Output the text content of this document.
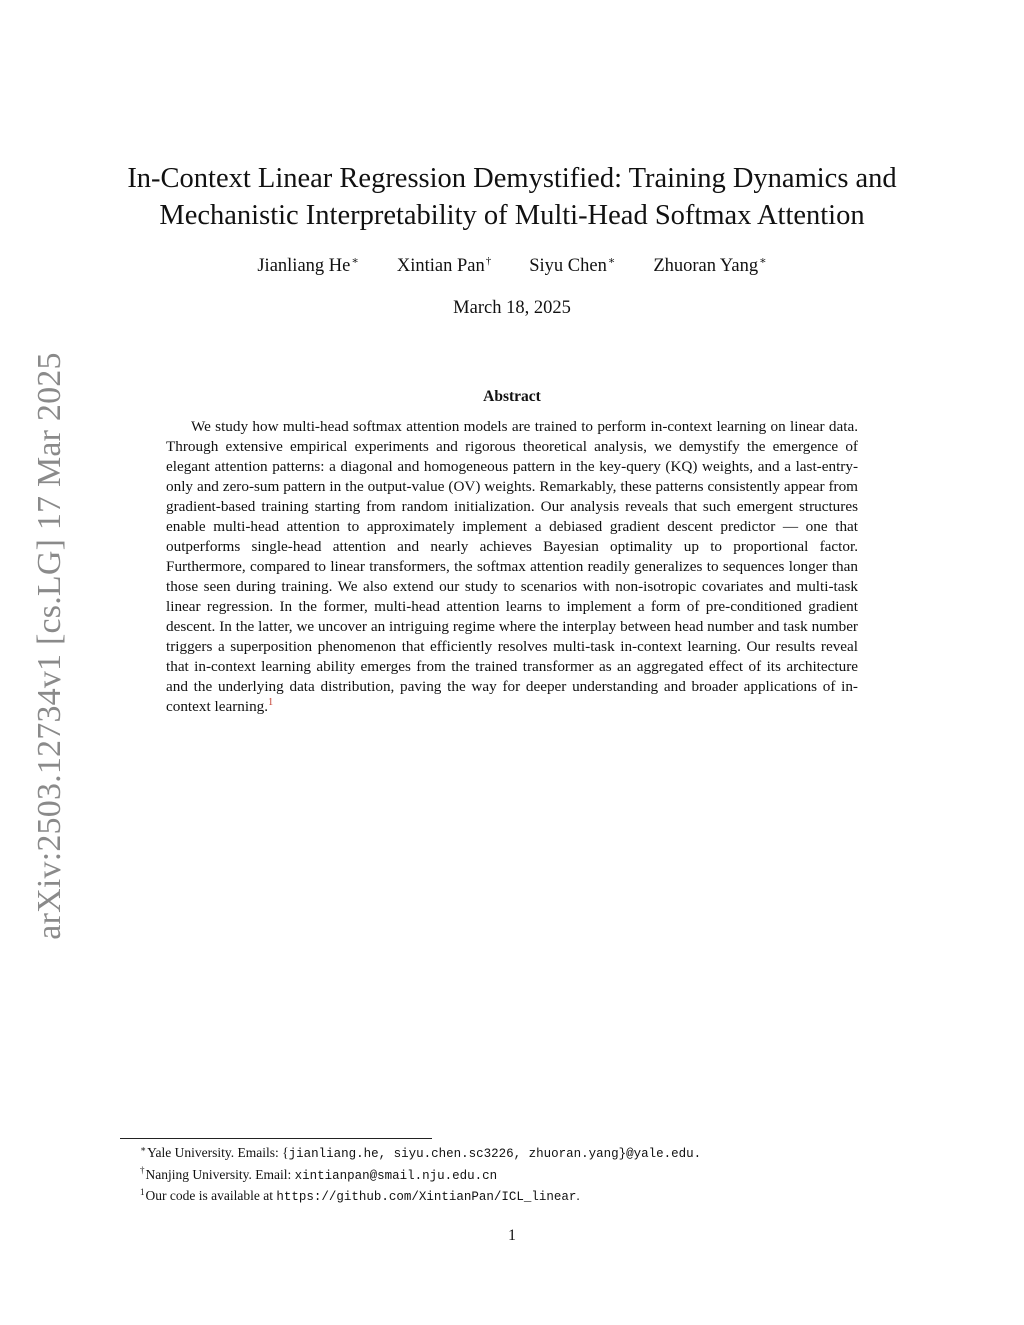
arXiv:2503.12734v1 [cs.LG] 17 Mar 2025
In-Context Linear Regression Demystified: Training Dynamics and
Mechanistic Interpretability of Multi-Head Softmax Attention
Jianliang He∗ Xintian Pan† Siyu Chen∗ Zhuoran Yang∗
March 18, 2025
Abstract

We study how multi-head softmax attention models are trained to perform in-context learning on linear data. Through extensive empirical experiments and rigorous theoretical analysis, we demystify the emergence of elegant attention patterns: a diagonal and homogeneous pattern in the key-query (KQ) weights, and a last-entry-only and zero-sum pattern in the output-value (OV) weights. Remarkably, these patterns consistently appear from gradient-based training starting from random initialization. Our analysis reveals that such emergent structures enable multi-head attention to approximately implement a debiased gradient descent predictor — one that outperforms single-head attention and nearly achieves Bayesian optimality up to proportional factor. Furthermore, compared to linear transformers, the softmax attention readily generalizes to sequences longer than those seen during training. We also extend our study to scenarios with non-isotropic covariates and multi-task linear regression. In the former, multi-head attention learns to implement a form of pre-conditioned gradient descent. In the latter, we uncover an intriguing regime where the interplay between head number and task number triggers a superposition phenomenon that efficiently resolves multi-task in-context learning. Our results reveal that in-context learning ability emerges from the trained transformer as an aggregated effect of its architecture and the underlying data distribution, paving the way for deeper understanding and broader applications of in-context learning.$^1$

∗Yale University. Emails: {jianliang.he, siyu.chen.sc3226, zhuoran.yang}@yale.edu.
†Nanjing University. Email: xintianpan@smail.nju.edu.cn
$^1$Our code is available at https://github.com/XintianPan/ICL_linear.
1
